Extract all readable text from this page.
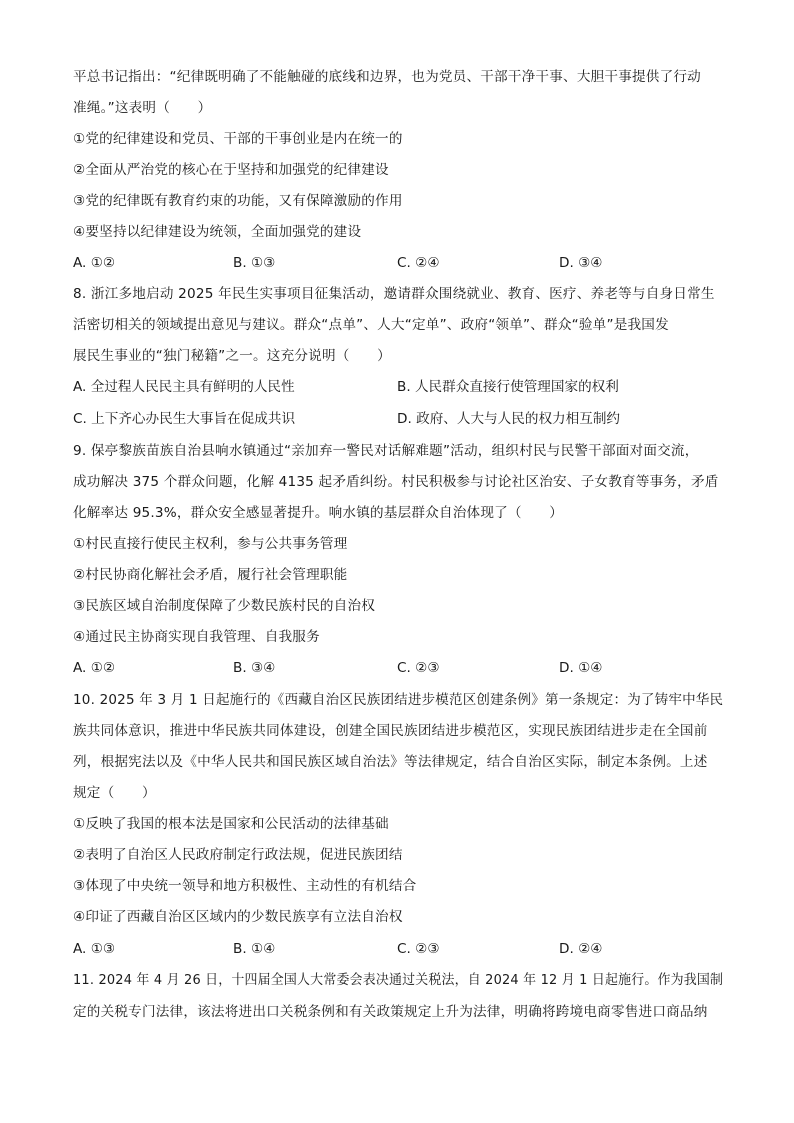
平总书记指出：“纪律既明确了不能触碰的底线和边界，也为党员、干部干净干事、大胆干事提供了行动
准绳。”这表明（　　）
①党的纪律建设和党员、干部的干事创业是内在统一的
②全面从严治党的核心在于坚持和加强党的纪律建设
③党的纪律既有教育约束的功能，又有保障激励的作用
④要坚持以纪律建设为统领，全面加强党的建设
A. ①②	B. ①③	C. ②④	D. ③④
8. 浙江多地启动 2025 年民生实事项目征集活动，邀请群众围绕就业、教育、医疗、养老等与自身日常生
活密切相关的领域提出意见与建议。群众“点单”、人大“定单”、政府“领单”、群众“验单”是我国发
展民生事业的“独门秘籍”之一。这充分说明（　　）
A. 全过程人民民主具有鲜明的人民性	B. 人民群众直接行使管理国家的权利
C. 上下齐心办民生大事旨在促成共识	D. 政府、人大与人民的权力相互制约
9. 保亭黎族苗族自治县响水镇通过“亲加弃一警民对话解难题”活动，组织村民与民警干部面对面交流，
成功解决 375 个群众问题，化解 4135 起矛盾纠纷。村民积极参与讨论社区治安、子女教育等事务，矛盾
化解率达 95.3%，群众安全感显著提升。响水镇的基层群众自治体现了（　　）
①村民直接行使民主权利，参与公共事务管理
②村民协商化解社会矛盾，履行社会管理职能
③民族区域自治制度保障了少数民族村民的自治权
④通过民主协商实现自我管理、自我服务
A. ①②	B. ③④	C. ②③	D. ①④
10. 2025 年 3 月 1 日起施行的《西藏自治区民族团结进步模范区创建条例》第一条规定：为了铸牢中华民
族共同体意识，推进中华民族共同体建设，创建全国民族团结进步模范区，实现民族团结进步走在全国前
列，根据宪法以及《中华人民共和国民族区域自治法》等法律规定，结合自治区实际，制定本条例。上述
规定（　　）
①反映了我国的根本法是国家和公民活动的法律基础
②表明了自治区人民政府制定行政法规，促进民族团结
③体现了中央统一领导和地方积极性、主动性的有机结合
④印证了西藏自治区区域内的少数民族享有立法自治权
A. ①③	B. ①④	C. ②③	D. ②④
11. 2024 年 4 月 26 日，十四届全国人大常委会表决通过关税法，自 2024 年 12 月 1 日起施行。作为我国制
定的关税专门法律，该法将进出口关税条例和有关政策规定上升为法律，明确将跨境电商零售进口商品纳
